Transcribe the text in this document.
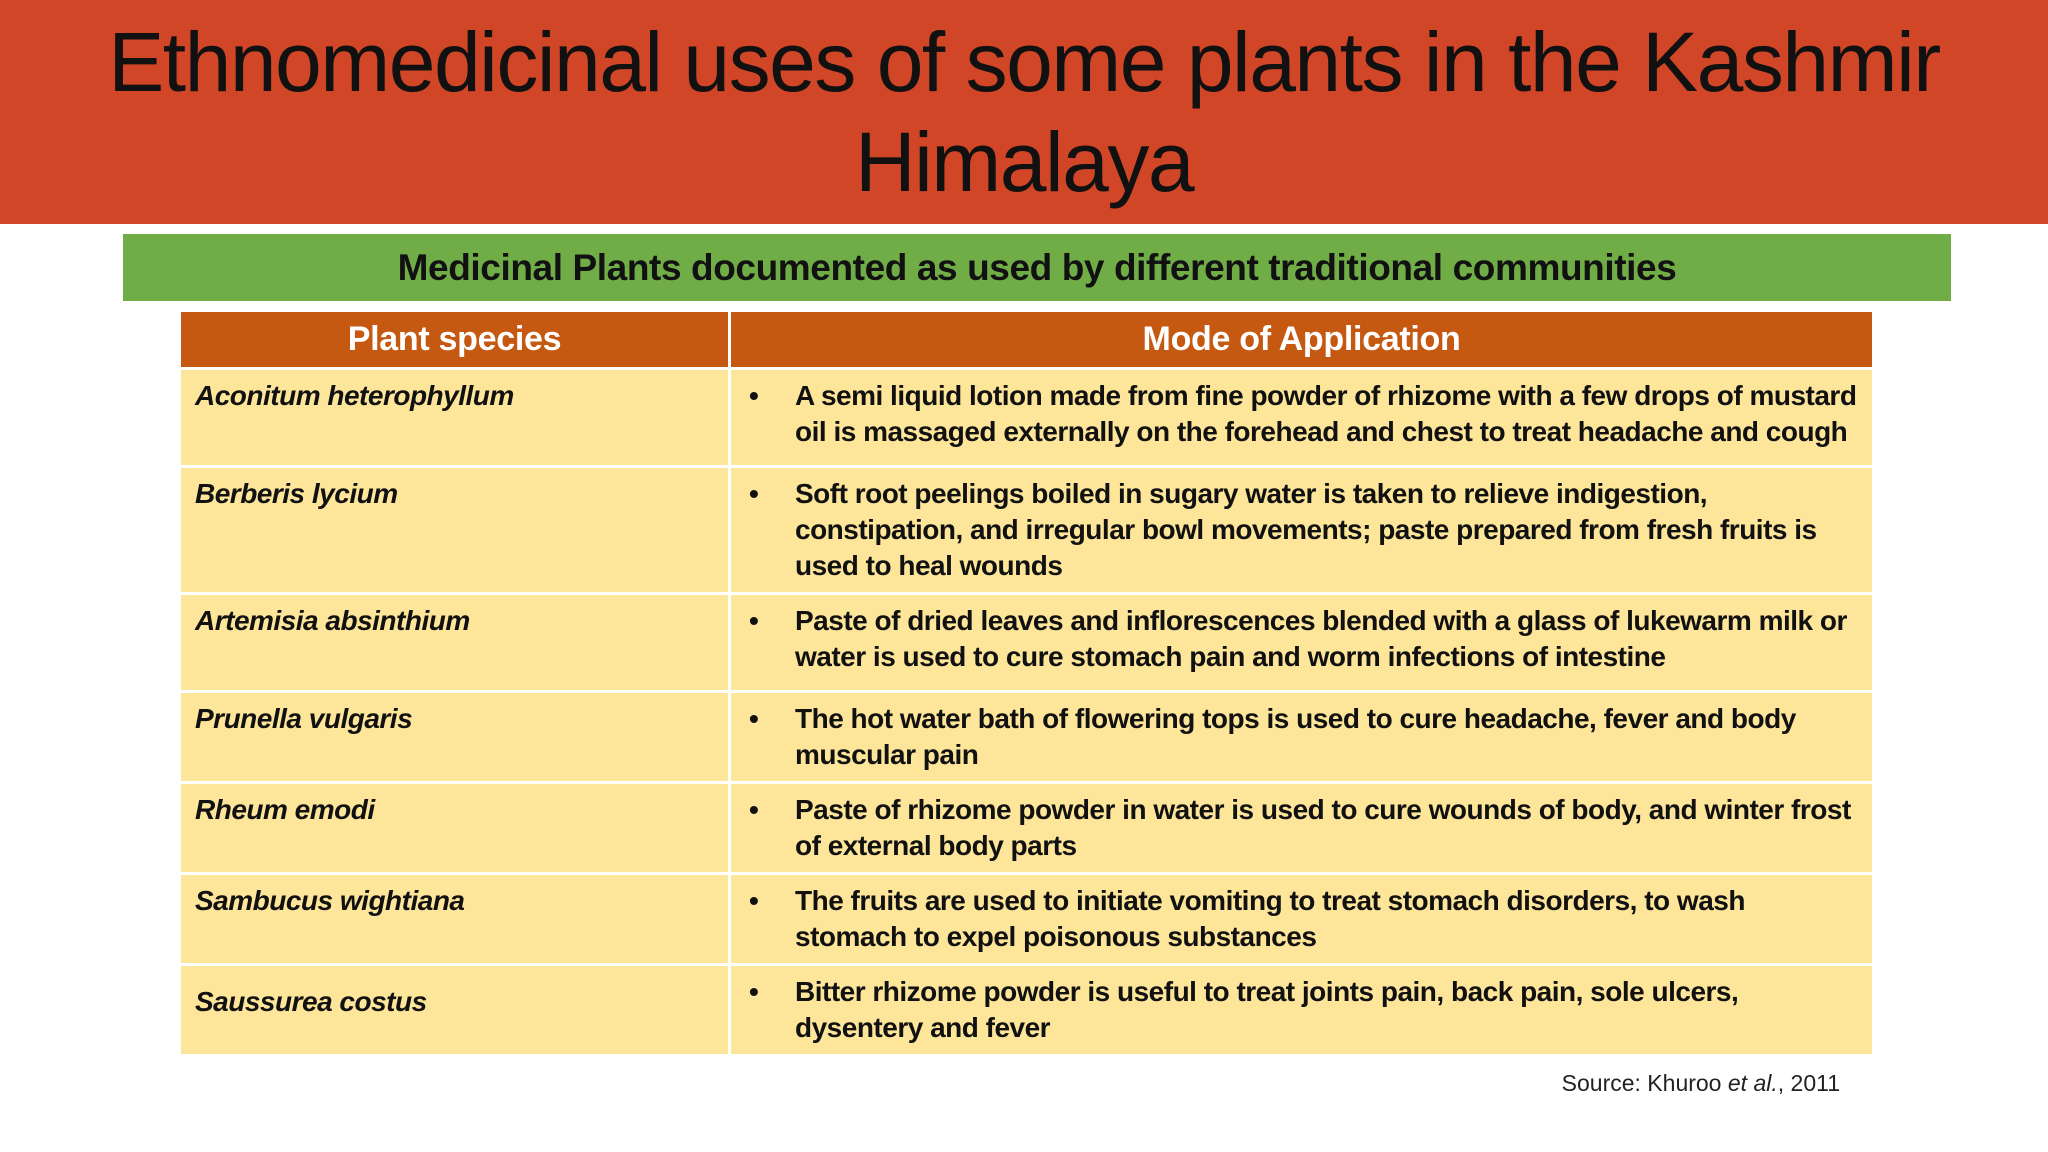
Ethnomedicinal uses of some plants in the Kashmir Himalaya
Medicinal Plants documented as used by different traditional communities
Plant species	Mode of Application
Aconitum heterophyllum	• A semi liquid lotion made from fine powder of rhizome with a few drops of mustard oil is massaged externally on the forehead and chest to treat headache and cough

Berberis lycium	• Soft root peelings boiled in sugary water is taken to relieve indigestion, constipation, and irregular bowl movements; paste prepared from fresh fruits is used to heal wounds

Artemisia absinthium	• Paste of dried leaves and inflorescences blended with a glass of lukewarm milk or water is used to cure stomach pain and worm infections of intestine

Prunella vulgaris	• The hot water bath of flowering tops is used to cure headache, fever and body muscular pain

Rheum emodi	• Paste of rhizome powder in water is used to cure wounds of body, and winter frost of external body parts

Sambucus wightiana	• The fruits are used to initiate vomiting to treat stomach disorders, to wash stomach to expel poisonous substances

Saussurea costus	• Bitter rhizome powder is useful to treat joints pain, back pain, sole ulcers, dysentery and fever
Source: Khuroo et al., 2011
